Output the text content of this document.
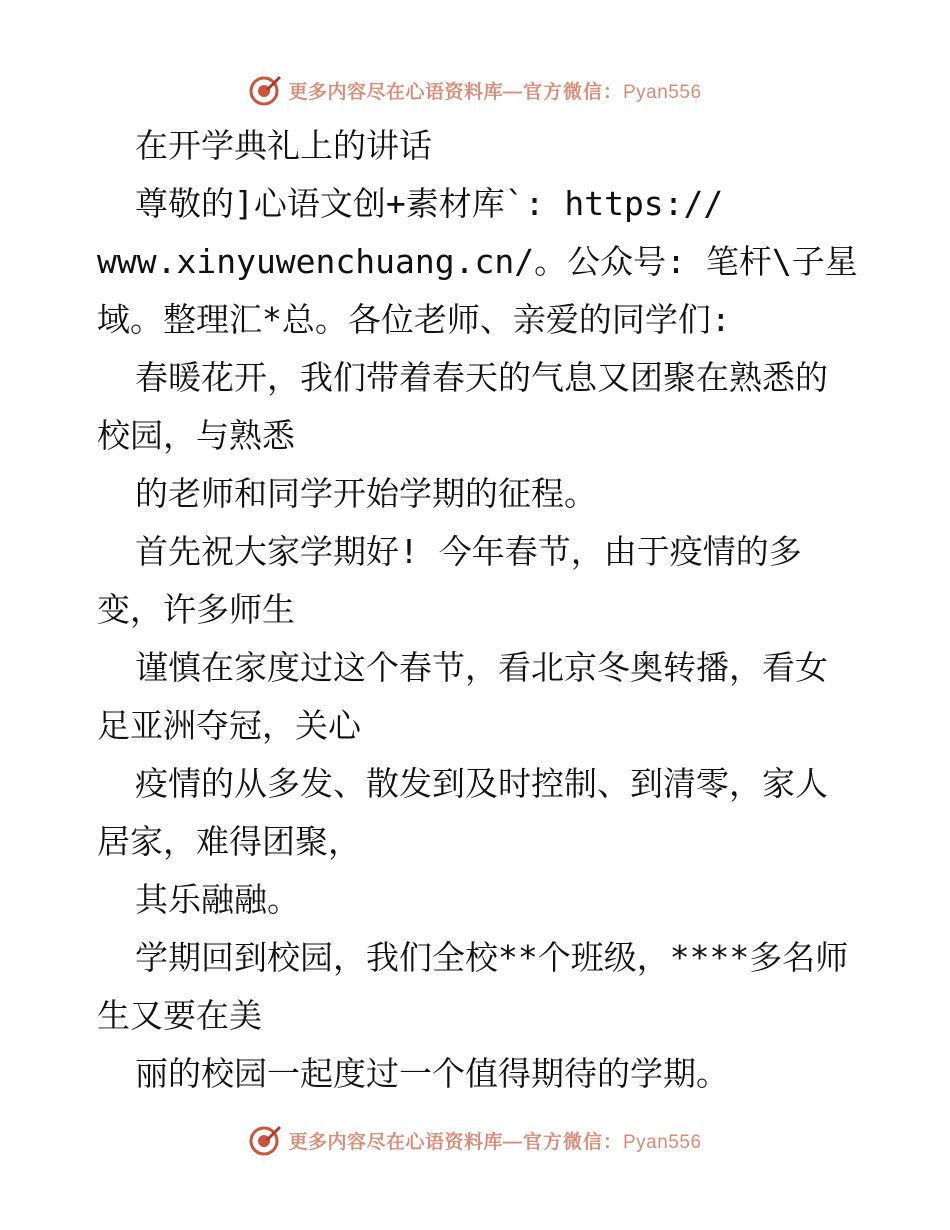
更多内容尽在心语资料库—官方微信：Pyan556
在开学典礼上的讲话
尊敬的]心语文创+素材库`: https://
www.xinyuwenchuang.cn/。公众号: 笔杆\子星
域。整理汇*总。各位老师、亲爱的同学们:
春暖花开，我们带着春天的气息又团聚在熟悉的
校园，与熟悉
的老师和同学开始学期的征程。
首先祝大家学期好! 今年春节，由于疫情的多
变，许多师生
谨慎在家度过这个春节，看北京冬奥转播，看女
足亚洲夺冠，关心
疫情的从多发、散发到及时控制、到清零，家人
居家，难得团聚，
其乐融融。
学期回到校园，我们全校**个班级，****多名师
生又要在美
丽的校园一起度过一个值得期待的学期。
更多内容尽在心语资料库—官方微信：Pyan556
